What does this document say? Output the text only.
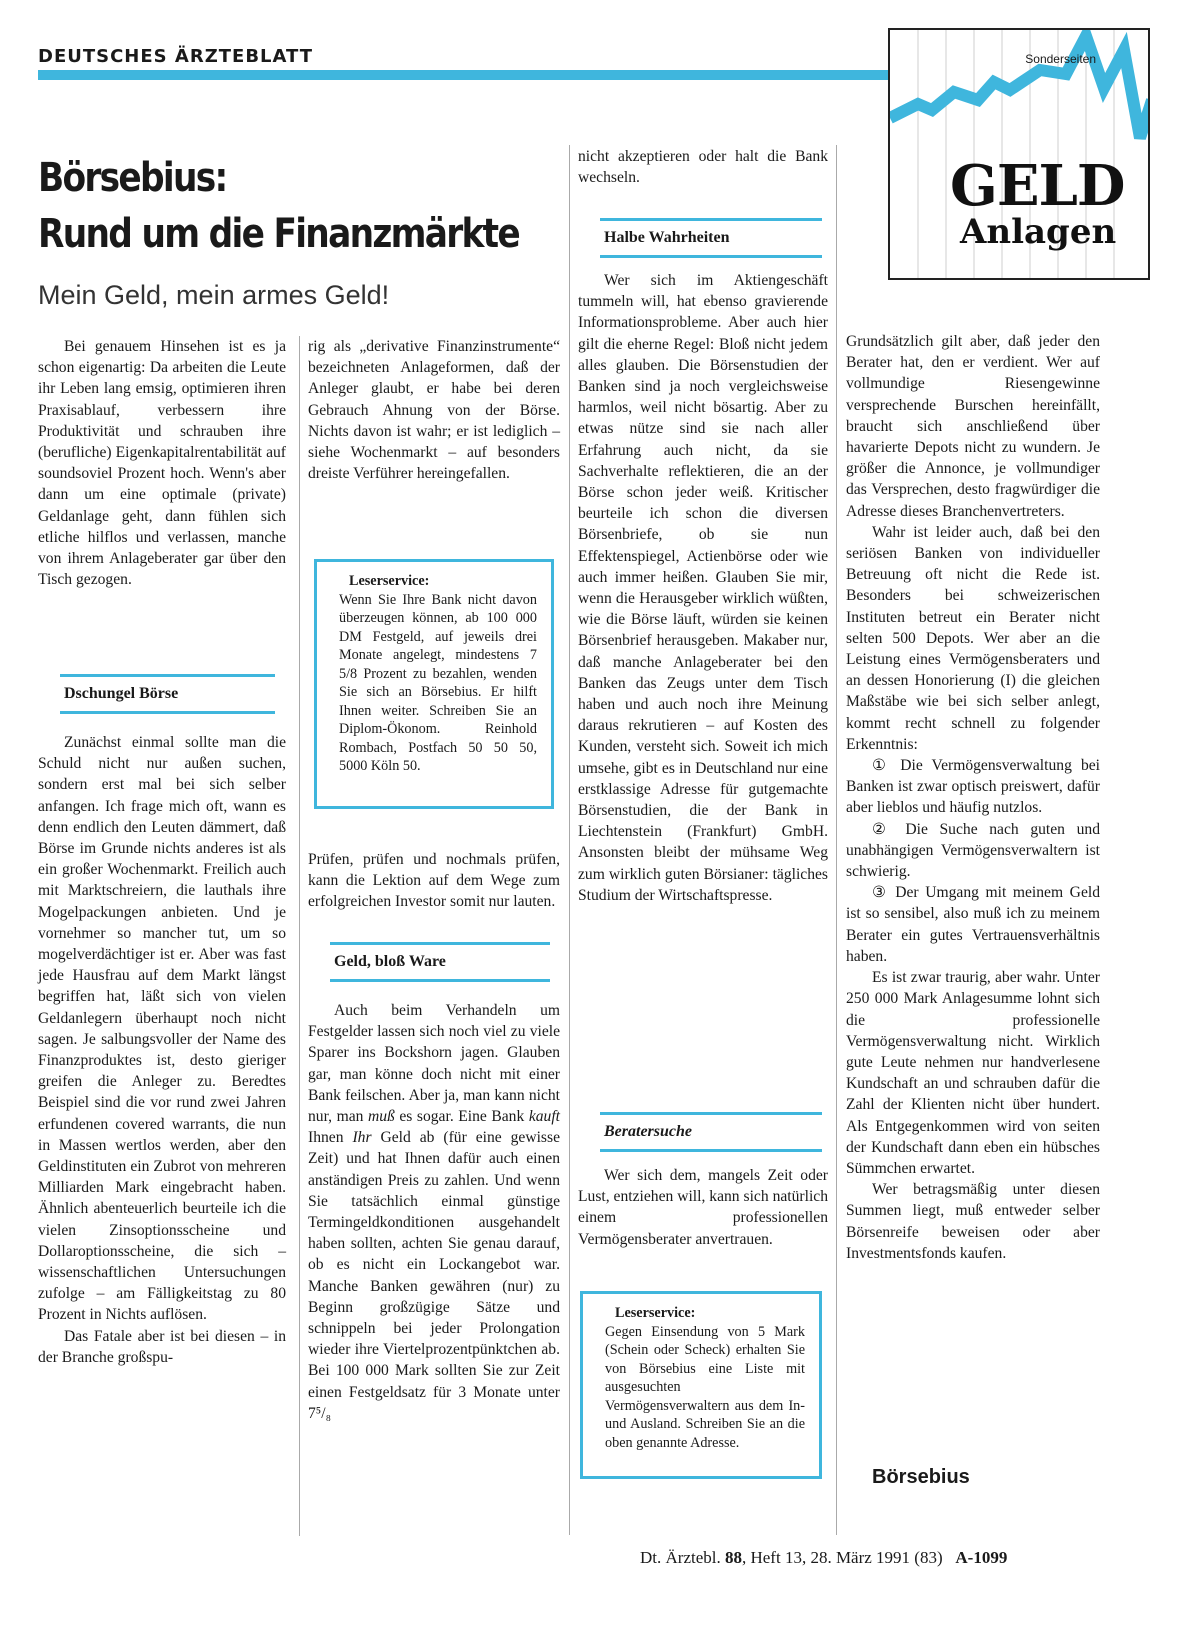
DEUTSCHES ÄRZTEBLATT	Sonderseiten
GELD
Anlagen
Börsebius:
Rund um die Finanzmärkte
Mein Geld, mein armes Geld!

Bei genauem Hinsehen ist es ja schon eigenartig: Da arbeiten die Leute ihr Leben lang emsig, optimieren ihren Praxisablauf, verbessern ihre Produktivität und schrauben ihre (berufliche) Eigenkapitalrentabilität auf soundsoviel Prozent hoch. Wenn's aber dann um eine optimale (private) Geldanlage geht, dann fühlen sich etliche hilflos und verlassen, manche von ihrem Anlageberater gar über den Tisch gezogen.

Dschungel Börse

Zunächst einmal sollte man die Schuld nicht nur außen suchen, sondern erst mal bei sich selber anfangen. Ich frage mich oft, wann es denn endlich den Leuten dämmert, daß Börse im Grunde nichts anderes ist als ein großer Wochenmarkt. Freilich auch mit Marktschreiern, die lauthals ihre Mogelpackungen anbieten. Und je vornehmer so mancher tut, um so mogelverdächtiger ist er. Aber was fast jede Hausfrau auf dem Markt längst begriffen hat, läßt sich von vielen Geldanlegern überhaupt noch nicht sagen. Je salbungsvoller der Name des Finanzproduktes ist, desto gieriger greifen die Anleger zu. Beredtes Beispiel sind die vor rund zwei Jahren erfundenen covered warrants, die nun in Massen wertlos werden, aber den Geldinstituten ein Zubrot von mehreren Milliarden Mark eingebracht haben. Ähnlich abenteuerlich beurteile ich die vielen Zinsoptionsscheine und Dollaroptionsscheine, die sich – wissenschaftlichen Untersuchungen zufolge – am Fälligkeitstag zu 80 Prozent in Nichts auflösen.

Das Fatale aber ist bei diesen – in der Branche großspu-

rig als „derivative Finanzinstrumente“ bezeichneten Anlageformen, daß der Anleger glaubt, er habe bei deren Gebrauch Ahnung von der Börse. Nichts davon ist wahr; er ist lediglich – siehe Wochenmarkt – auf besonders dreiste Verführer hereingefallen.

Leserservice:
Wenn Sie Ihre Bank nicht davon überzeugen können, ab 100 000 DM Festgeld, auf jeweils drei Monate angelegt, mindestens 7 5/8 Prozent zu bezahlen, wenden Sie sich an Börsebius. Er hilft Ihnen weiter. Schreiben Sie an Diplom-Ökonom. Reinhold Rombach, Postfach 50 50 50, 5000 Köln 50.

Prüfen, prüfen und nochmals prüfen, kann die Lektion auf dem Wege zum erfolgreichen Investor somit nur lauten.

Geld, bloß Ware

Auch beim Verhandeln um Festgelder lassen sich noch viel zu viele Sparer ins Bockshorn jagen. Glauben gar, man könne doch nicht mit einer Bank feilschen. Aber ja, man kann nicht nur, man muß es sogar. Eine Bank kauft Ihnen Ihr Geld ab (für eine gewisse Zeit) und hat Ihnen dafür auch einen anständigen Preis zu zahlen. Und wenn Sie tatsächlich einmal günstige Termingeldkonditionen ausgehandelt haben sollten, achten Sie genau darauf, ob es nicht ein Lockangebot war. Manche Banken gewähren (nur) zu Beginn großzügige Sätze und schnippeln bei jeder Prolongation wieder ihre Viertelprozentpünktchen ab. Bei 100 000 Mark sollten Sie zur Zeit einen Festgeldsatz für 3 Monate unter 7⁵/₈

nicht akzeptieren oder halt die Bank wechseln.

Halbe Wahrheiten

Wer sich im Aktiengeschäft tummeln will, hat ebenso gravierende Informationsprobleme. Aber auch hier gilt die eherne Regel: Bloß nicht jedem alles glauben. Die Börsenstudien der Banken sind ja noch vergleichsweise harmlos, weil nicht bösartig. Aber zu etwas nütze sind sie nach aller Erfahrung auch nicht, da sie Sachverhalte reflektieren, die an der Börse schon jeder weiß. Kritischer beurteile ich schon die diversen Börsenbriefe, ob sie nun Effektenspiegel, Actienbörse oder wie auch immer heißen. Glauben Sie mir, wenn die Herausgeber wirklich wüßten, wie die Börse läuft, würden sie keinen Börsenbrief herausgeben. Makaber nur, daß manche Anlageberater bei den Banken das Zeugs unter dem Tisch haben und auch noch ihre Meinung daraus rekrutieren – auf Kosten des Kunden, versteht sich. Soweit ich mich umsehe, gibt es in Deutschland nur eine erstklassige Adresse für gutgemachte Börsenstudien, die der Bank in Liechtenstein (Frankfurt) GmbH. Ansonsten bleibt der mühsame Weg zum wirklich guten Börsianer: tägliches Studium der Wirtschaftspresse.

Beratersuche

Wer sich dem, mangels Zeit oder Lust, entziehen will, kann sich natürlich einem professionellen Vermögensberater anvertrauen.

Leserservice:
Gegen Einsendung von 5 Mark (Schein oder Scheck) erhalten Sie von Börsebius eine Liste mit ausgesuchten Vermögensverwaltern aus dem In- und Ausland. Schreiben Sie an die oben genannte Adresse.

Grundsätzlich gilt aber, daß jeder den Berater hat, den er verdient. Wer auf vollmundige Riesengewinne versprechende Burschen hereinfällt, braucht sich anschließend über havarierte Depots nicht zu wundern. Je größer die Annonce, je vollmundiger das Versprechen, desto fragwürdiger die Adresse dieses Branchenvertreters.

Wahr ist leider auch, daß bei den seriösen Banken von individueller Betreuung oft nicht die Rede ist. Besonders bei schweizerischen Instituten betreut ein Berater nicht selten 500 Depots. Wer aber an die Leistung eines Vermögensberaters und an dessen Honorierung (I) die gleichen Maßstäbe wie bei sich selber anlegt, kommt recht schnell zu folgender Erkenntnis:

① Die Vermögensverwaltung bei Banken ist zwar optisch preiswert, dafür aber lieblos und häufig nutzlos.

② Die Suche nach guten und unabhängigen Vermögensverwaltern ist schwierig.

③ Der Umgang mit meinem Geld ist so sensibel, also muß ich zu meinem Berater ein gutes Vertrauensverhältnis haben.

Es ist zwar traurig, aber wahr. Unter 250 000 Mark Anlagesumme lohnt sich die professionelle Vermögensverwaltung nicht. Wirklich gute Leute nehmen nur handverlesene Kundschaft an und schrauben dafür die Zahl der Klienten nicht über hundert. Als Entgegenkommen wird von seiten der Kundschaft dann eben ein hübsches Sümmchen erwartet.

Wer betragsmäßig unter diesen Summen liegt, muß entweder selber Börsenreife beweisen oder aber Investmentsfonds kaufen.

Börsebius
Dt. Ärztebl. 88, Heft 13, 28. März 1991 (83) A-1099
